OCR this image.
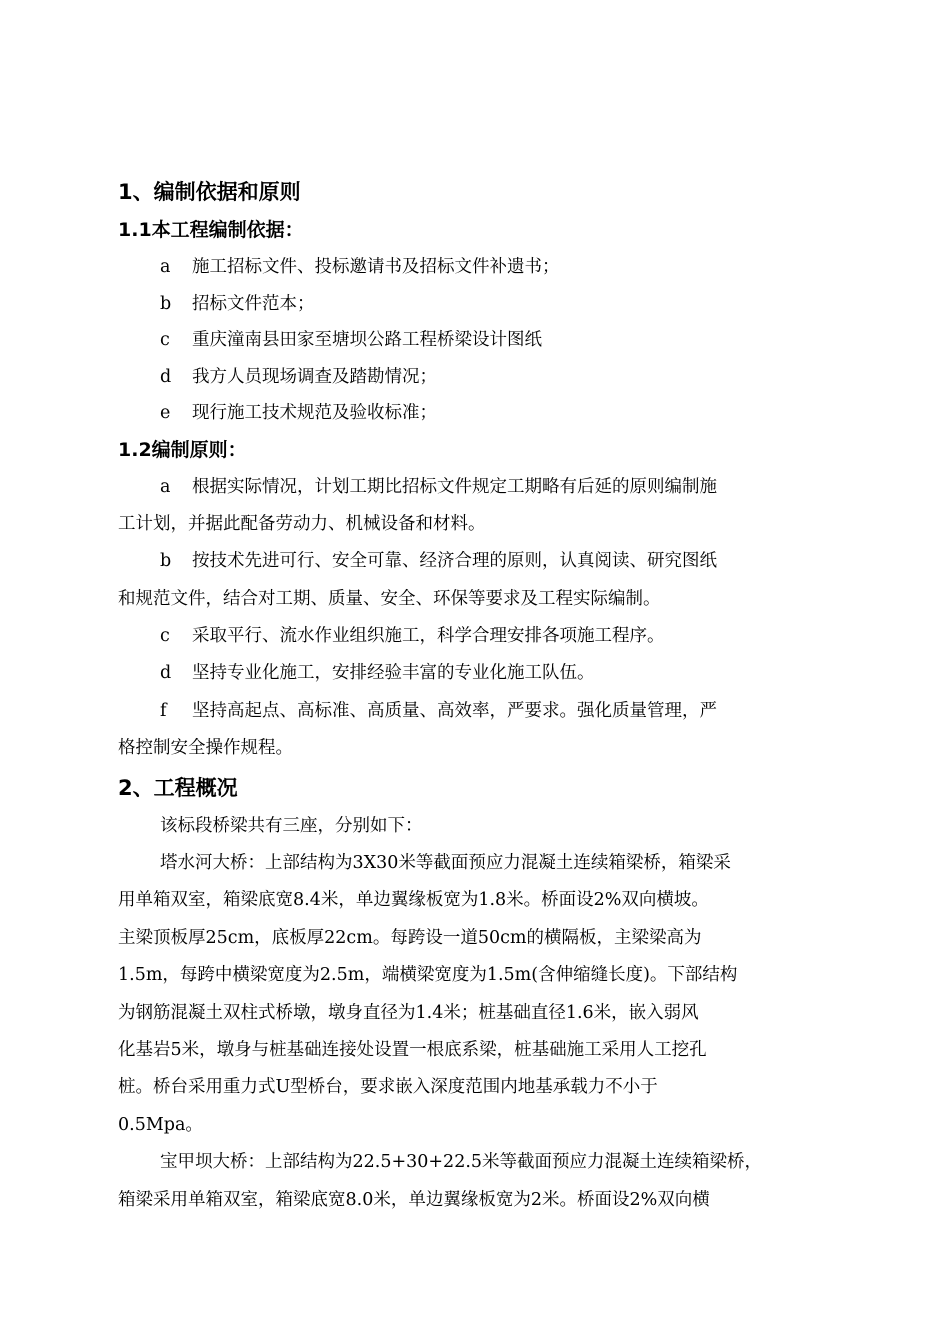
1、编制依据和原则
1.1本工程编制依据：
a 施工招标文件、投标邀请书及招标文件补遗书；
b 招标文件范本；
c 重庆潼南县田家至塘坝公路工程桥梁设计图纸
d 我方人员现场调查及踏勘情况；
e 现行施工技术规范及验收标准；
1.2编制原则：
a 根据实际情况，计划工期比招标文件规定工期略有后延的原则编制施
工计划，并据此配备劳动力、机械设备和材料。
b 按技术先进可行、安全可靠、经济合理的原则，认真阅读、研究图纸
和规范文件，结合对工期、质量、安全、环保等要求及工程实际编制。
c 采取平行、流水作业组织施工，科学合理安排各项施工程序。
d 坚持专业化施工，安排经验丰富的专业化施工队伍。
f 坚持高起点、高标准、高质量、高效率，严要求。强化质量管理，严
格控制安全操作规程。
2、工程概况
该标段桥梁共有三座，分别如下：
塔水河大桥：上部结构为3X30米等截面预应力混凝土连续箱梁桥，箱梁采
用单箱双室，箱梁底宽8.4米，单边翼缘板宽为1.8米。桥面设2%双向横坡。
主梁顶板厚25cm，底板厚22cm。每跨设一道50cm的横隔板，主梁梁高为
1.5m，每跨中横梁宽度为2.5m，端横梁宽度为1.5m(含伸缩缝长度)。下部结构
为钢筋混凝土双柱式桥墩，墩身直径为1.4米；桩基础直径1.6米，嵌入弱风
化基岩5米，墩身与桩基础连接处设置一根底系梁，桩基础施工采用人工挖孔
桩。桥台采用重力式U型桥台，要求嵌入深度范围内地基承载力不小于
0.5Mpa。
宝甲坝大桥：上部结构为22.5+30+22.5米等截面预应力混凝土连续箱梁桥，
箱梁采用单箱双室，箱梁底宽8.0米，单边翼缘板宽为2米。桥面设2%双向横
